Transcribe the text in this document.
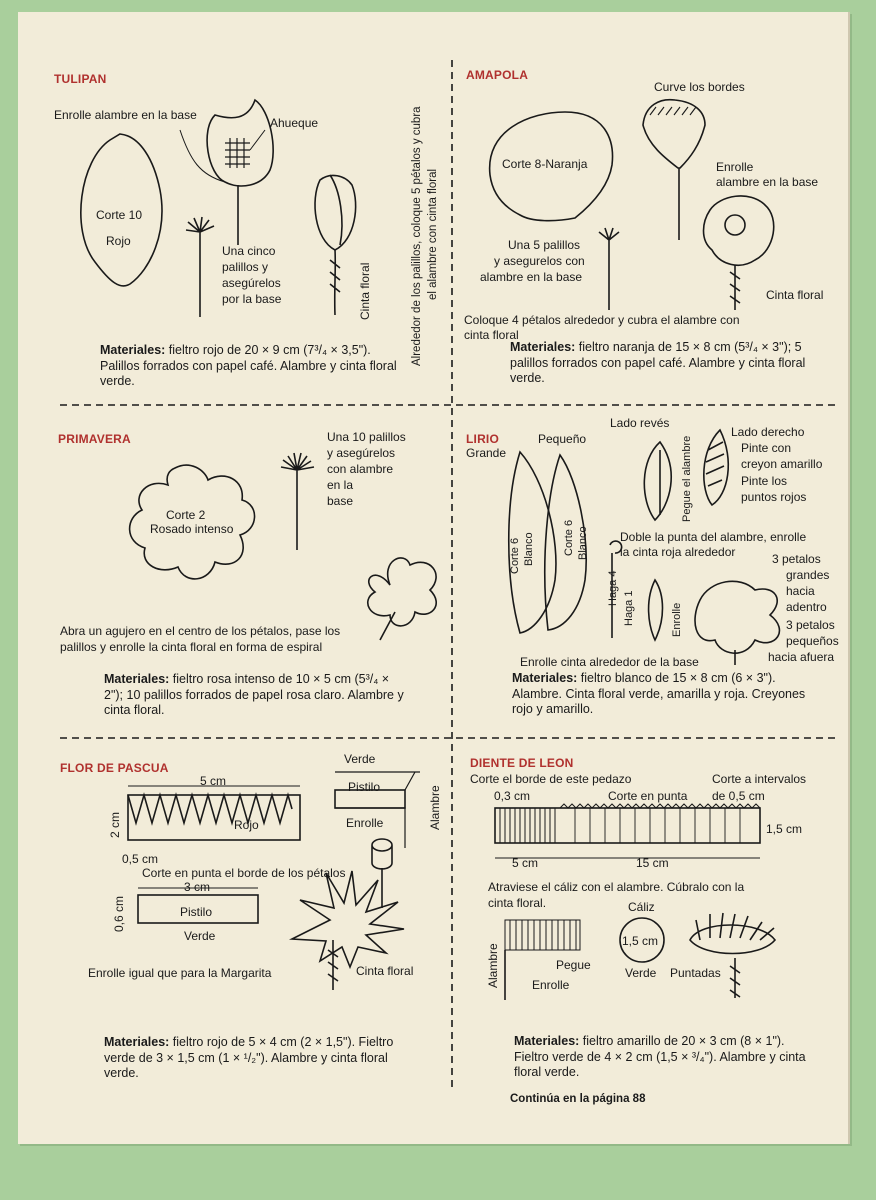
TULIPAN
Enrolle alambre en la base
Ahueque
Corte 10
Rojo
Una cinco
palillos y
asegúrelos
por la base	Cinta floral	Alrededor de los palillos, coloque 5 pétalos y cubra el alambre con cinta floral
Materiales: fieltro rojo de 20 × 9 cm (7³/₄ × 3,5"). Palillos forrados con papel café. Alambre y cinta floral verde.
AMAPOLA
Curve los bordes
Corte 8-Naranja	Enrolle
alambre en la base
Una 5 palillos
y asegurelos con
alambre en la base
Cinta floral
Coloque 4 pétalos alrededor y cubra el alambre con
cinta floral
Materiales: fieltro naranja de 15 × 8 cm (5³/₄ × 3"); 5 palillos forrados con papel café. Alambre y cinta floral verde.
PRIMAVERA	Una 10 palillos
y asegúrelos
con alambre
en la
base
Corte 2
Rosado intenso
Abra un agujero en el centro de los pétalos, pase los palillos y enrolle la cinta floral en forma de espiral
Materiales: fieltro rosa intenso de 10 × 5 cm (5³/₄ × 2"); 10 palillos forrados de papel rosa claro. Alambre y cinta floral.
LIRIO
Grande
Pequeño
Lado revés
Lado derecho
Pinte con
creyon amarillo
Pinte los
puntos rojos
Pegue el alambre
Corte 6 Blanco	Corte 6 Blanco	Doble la punta del alambre, enrolle
la cinta roja alrededor
Haga 4
Haga 1	Enrolle
3 petalos
grandes
hacia
adentro
3 petalos
pequeños
hacia afuera
Enrolle cinta alrededor de la base
Materiales: fieltro blanco de 15 × 8 cm (6 × 3"). Alambre. Cinta floral verde, amarilla y roja. Creyones rojo y amarillo.
FLOR DE PASCUA
5 cm
2 cm	Rojo
0,5 cm
Verde
Pistilo
Enrolle	Alambre
Corte en punta el borde de los pétalos
3 cm
0,6 cm	Pistilo
Verde
Cinta floral
Enrolle igual que para la Margarita
Materiales: fieltro rojo de 5 × 4 cm (2 × 1,5"). Fieltro verde de 3 × 1,5 cm (1 × ¹/₂"). Alambre y cinta floral verde.
DIENTE DE LEON
Corte el borde de este pedazo	Corte a intervalos
0,3 cm	Corte en punta de 0,5 cm
1,5 cm
5 cm	15 cm
Atraviese el cáliz con el alambre. Cúbralo con la
cinta floral.	Cáliz
1,5 cm
Alambre	Pegue
Enrolle
Verde Puntadas
Materiales: fieltro amarillo de 20 × 3 cm (8 × 1"). Fieltro verde de 4 × 2 cm (1,5 × ³/₄"). Alambre y cinta floral verde.
Continúa en la página 88
